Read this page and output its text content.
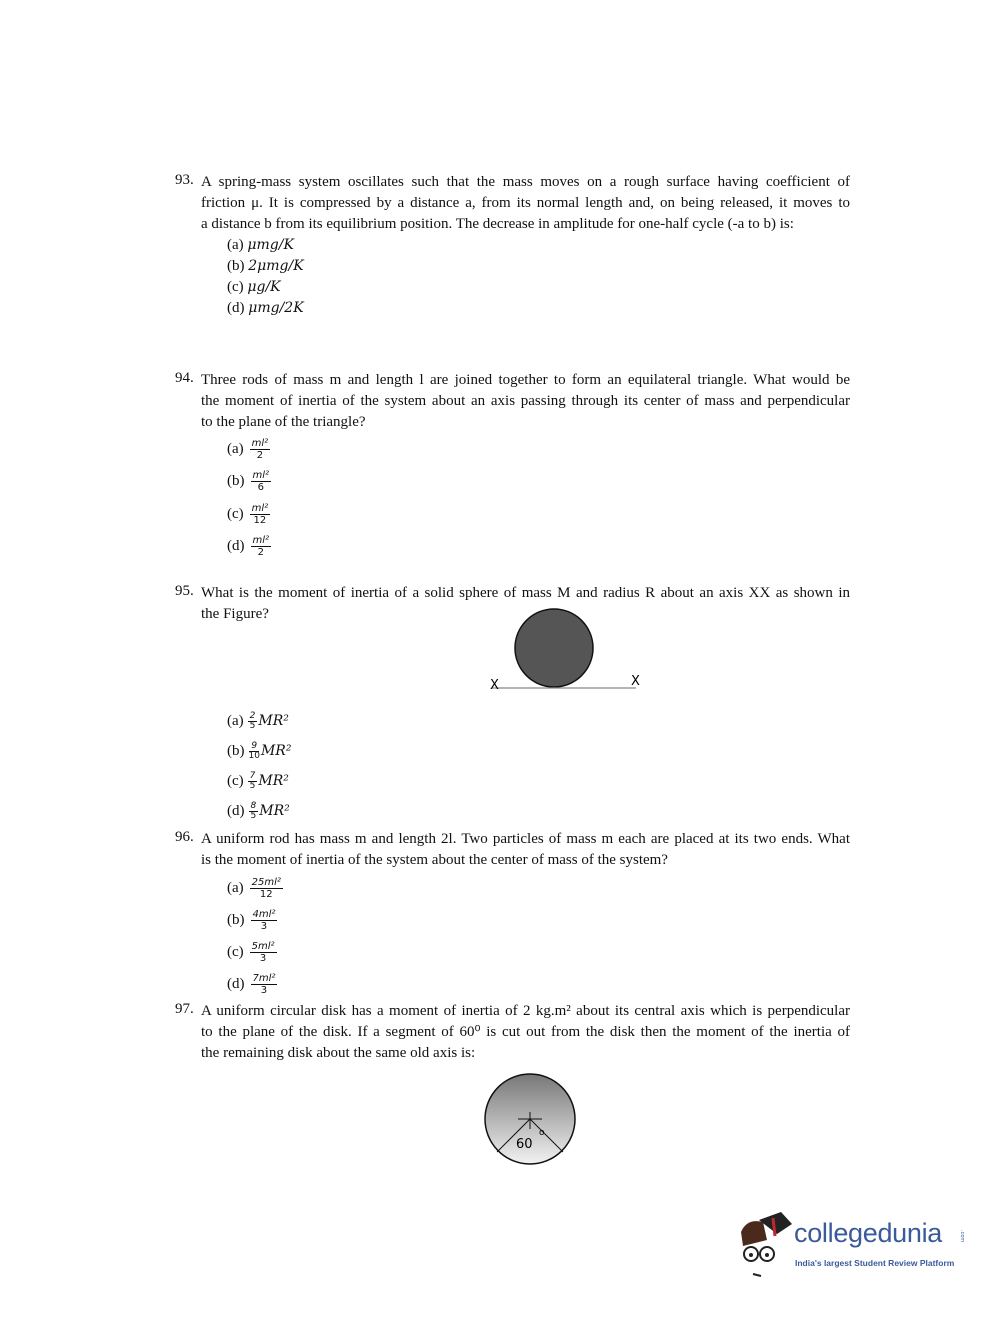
93. A spring-mass system oscillates such that the mass moves on a rough surface having coefficient of
friction μ. It is compressed by a distance a, from its normal length and, on being released, it moves to
a distance b from its equilibrium position. The decrease in amplitude for one-half cycle (-a to b) is:
(a) μmg/K
(b) 2μmg/K
(c) μg/K
(d) μmg/2K
94. Three rods of mass m and length l are joined together to form an equilateral triangle. What would be
the moment of inertia of the system about an axis passing through its center of mass and perpendicular
to the plane of the triangle?
$(a) \frac{\text{ml²}}{2}$
$(b) \frac{\text{ml²}}{6}$
$(c) \frac{\text{ml²}}{12}$
$(d) \frac{\text{ml²}}{2}$
95. What is the moment of inertia of a solid sphere of mass M and radius R about an axis XX as shown in
the Figure?
$(a) \frac{2}{5} MR^2$
$(b) \frac{9}{10} MR^2$
$(c) \frac{7}{5} MR^2$
$(d) \frac{8}{5} MR^2$
X	X
96. A uniform rod has mass m and length 2l. Two particles of mass m each are placed at its two ends. What
is the moment of inertia of the system about the center of mass of the system?
$(a) \frac{\text{25ml²}}{12}$
$(b) \frac{\text{4ml²}}{3}$
$(c) \frac{\text{5ml²}}{3}$
$(d) \frac{\text{7ml²}}{3}$
97. A uniform circular disk has a moment of inertia of 2 kg.m² about its central axis which is perpendicular
to the plane of the disk. If a segment of 60⁰ is cut out from the disk then the moment of the inertia of
the remaining disk about the same old axis is:
60
o
collegedunia	.com
India's largest Student Review Platform
